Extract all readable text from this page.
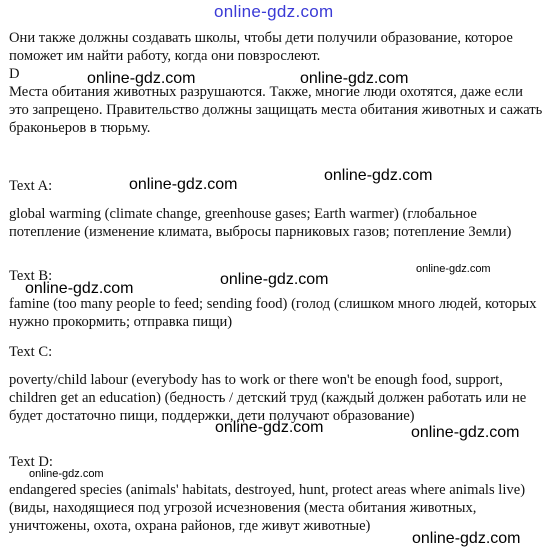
online-gdz.com
Они также должны создавать школы, чтобы дети получили образование, которое поможет им найти работу, когда они повзрослеют.
D
Места обитания животных разрушаются. Также, многие люди охотятся, даже если это запрещено. Правительство должны защищать места обитания животных и сажать браконьеров в тюрьму.
Text A:
global warming (climate change, greenhouse gases; Earth warmer) (глобальное потепление (изменение климата, выбросы парниковых газов; потепление Земли)
Text B:
famine (too many people to feed; sending food) (голод (слишком много людей, которых нужно прокормить; отправка пищи)
Text C:
poverty/child labour (everybody has to work or there won't be enough food, support, children get an education) (бедность / детский труд (каждый должен работать или не будет достаточно пищи, поддержки, дети получают образование)
Text D:
endangered species (animals' habitats, destroyed, hunt, protect areas where animals live) (виды, находящиеся под угрозой исчезновения (места обитания животных, уничтожены, охота, охрана районов, где живут животные)
online-gdz.com	online-gdz.com
online-gdz.com
online-gdz.com
online-gdz.com
online-gdz.com
online-gdz.com
online-gdz.com	online-gdz.com
online-gdz.com
online-gdz.com
